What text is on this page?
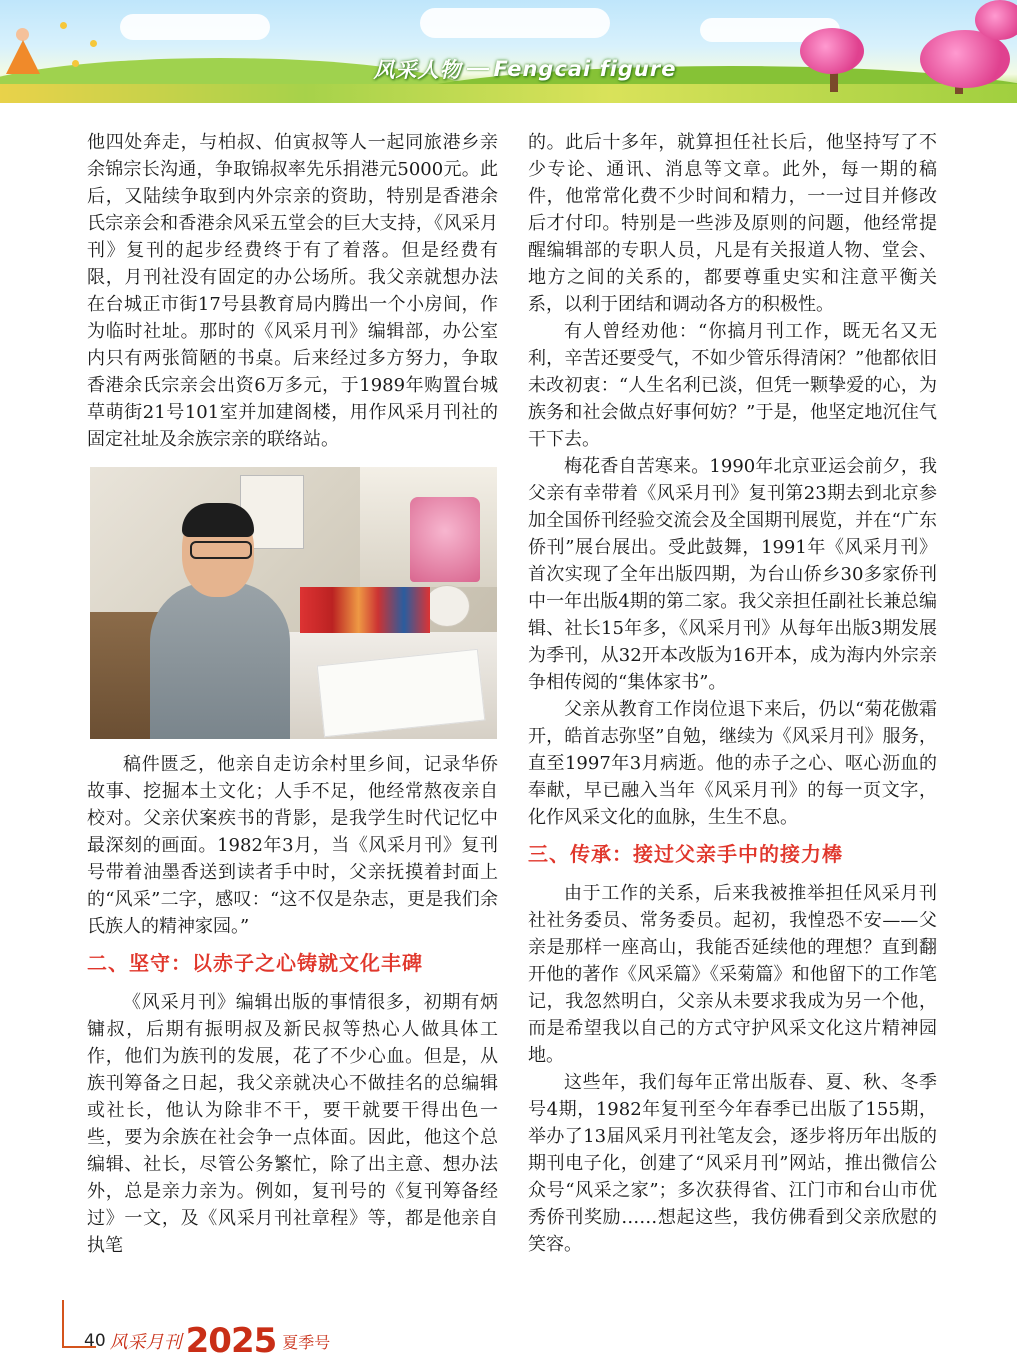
风采人物 Fengcai figure

他四处奔走，与柏叔、伯寅叔等人一起同旅港乡亲余锦宗长沟通，争取锦叔率先乐捐港元5000元。此后，又陆续争取到内外宗亲的资助，特别是香港余氏宗亲会和香港余风采五堂会的巨大支持，《风采月刊》复刊的起步经费终于有了着落。但是经费有限，月刊社没有固定的办公场所。我父亲就想办法在台城正市街17号县教育局内腾出一个小房间，作为临时社址。那时的《风采月刊》编辑部，办公室内只有两张简陋的书桌。后来经过多方努力，争取香港余氏宗亲会出资6万多元，于1989年购置台城草萌街21号101室并加建阁楼，用作风采月刊社的固定社址及余族宗亲的联络站。

稿件匮乏，他亲自走访余村里乡间，记录华侨故事、挖掘本土文化；人手不足，他经常熬夜亲自校对。父亲伏案疾书的背影，是我学生时代记忆中最深刻的画面。1982年3月，当《风采月刊》复刊号带着油墨香送到读者手中时，父亲抚摸着封面上的“风采”二字，感叹：“这不仅是杂志，更是我们余氏族人的精神家园。”

二、坚守：以赤子之心铸就文化丰碑

《风采月刊》编辑出版的事情很多，初期有炳镛叔，后期有振明叔及新民叔等热心人做具体工作，他们为族刊的发展，花了不少心血。但是，从族刊筹备之日起，我父亲就决心不做挂名的总编辑或社长，他认为除非不干，要干就要干得出色一些，要为余族在社会争一点体面。因此，他这个总编辑、社长，尽管公务繁忙，除了出主意、想办法外，总是亲力亲为。例如，复刊号的《复刊筹备经过》一文，及《风采月刊社章程》等，都是他亲自执笔

的。此后十多年，就算担任社长后，他坚持写了不少专论、通讯、消息等文章。此外，每一期的稿件，他常常化费不少时间和精力，一一过目并修改后才付印。特别是一些涉及原则的问题，他经常提醒编辑部的专职人员，凡是有关报道人物、堂会、地方之间的关系的，都要尊重史实和注意平衡关系，以利于团结和调动各方的积极性。

有人曾经劝他：“你搞月刊工作，既无名又无利，辛苦还要受气，不如少管乐得清闲？”他都依旧未改初衷：“人生名利已淡，但凭一颗挚爱的心，为族务和社会做点好事何妨？”于是，他坚定地沉住气干下去。

梅花香自苦寒来。1990年北京亚运会前夕，我父亲有幸带着《风采月刊》复刊第23期去到北京参加全国侨刊经验交流会及全国期刊展览，并在“广东侨刊”展台展出。受此鼓舞，1991年《风采月刊》首次实现了全年出版四期，为台山侨乡30多家侨刊中一年出版4期的第二家。我父亲担任副社长兼总编辑、社长15年多，《风采月刊》从每年出版3期发展为季刊，从32开本改版为16开本，成为海内外宗亲争相传阅的“集体家书”。

父亲从教育工作岗位退下来后，仍以“菊花傲霜开，皓首志弥坚”自勉，继续为《风采月刊》服务，直至1997年3月病逝。他的赤子之心、呕心沥血的奉献，早已融入当年《风采月刊》的每一页文字，化作风采文化的血脉，生生不息。

三、传承：接过父亲手中的接力棒

由于工作的关系，后来我被推举担任风采月刊社社务委员、常务委员。起初，我惶恐不安——父亲是那样一座高山，我能否延续他的理想？直到翻开他的著作《风采篇》《采菊篇》和他留下的工作笔记，我忽然明白，父亲从未要求我成为另一个他，而是希望我以自己的方式守护风采文化这片精神园地。

这些年，我们每年正常出版春、夏、秋、冬季号4期，1982年复刊至今年春季已出版了155期，举办了13届风采月刊社笔友会，逐步将历年出版的期刊电子化，创建了“风采月刊”网站，推出微信公众号“风采之家”；多次获得省、江门市和台山市优秀侨刊奖励……想起这些，我仿佛看到父亲欣慰的笑容。

40 风采月刊 2025 夏季号
